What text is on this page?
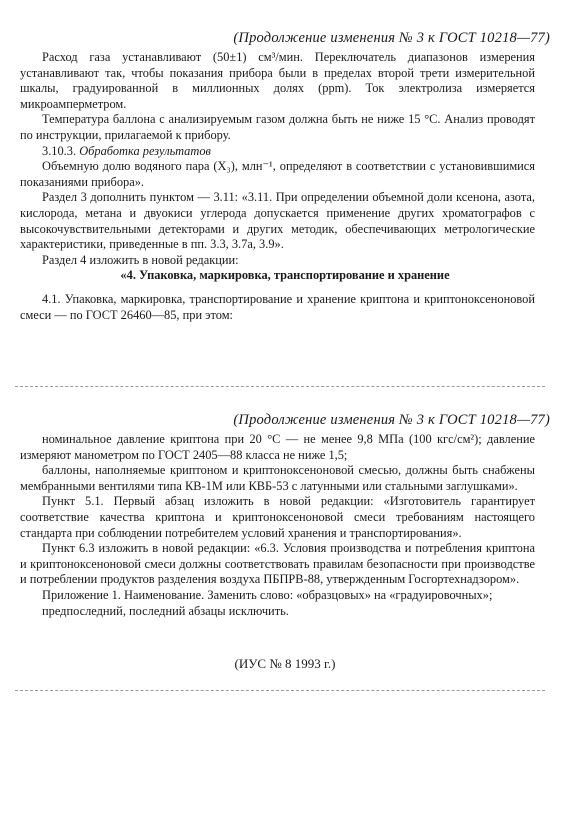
(Продолжение изменения № 3 к ГОСТ 10218—77)

Расход газа устанавливают (50±1) см³/мин. Переключатель диапазонов измерения устанавливают так, чтобы показания прибора были в пределах второй трети измерительной шкалы, градуированной в миллионных долях (ppm). Ток электролиза измеряется микроамперметром.

Температура баллона с анализируемым газом должна быть не ниже 15 °С. Анализ проводят по инструкции, прилагаемой к прибору.

3.10.3. Обработка результатов

Объемную долю водяного пара (X₃), млн⁻¹, определяют в соответствии с установившимися показаниями прибора».

Раздел 3 дополнить пунктом — 3.11: «3.11. При определении объемной доли ксенона, азота, кислорода, метана и двуокиси углерода допускается применение других хроматографов с высокочувствительными детекторами и других методик, обеспечивающих метрологические характеристики, приведенные в пп. 3.3, 3.7а, 3.9».

Раздел 4 изложить в новой редакции:

«4. Упаковка, маркировка, транспортирование и хранение

4.1. Упаковка, маркировка, транспортирование и хранение криптона и криптоноксеноновой смеси — по ГОСТ 26460—85, при этом:

(Продолжение изменения № 3 к ГОСТ 10218—77)

номинальное давление криптона при 20 °С — не менее 9,8 МПа (100 кгс/см²); давление измеряют манометром по ГОСТ 2405—88 класса не ниже 1,5;

баллоны, наполняемые криптоном и криптоноксеноновой смесью, должны быть снабжены мембранными вентилями типа КВ-1М или КВБ-53 с латунными или стальными заглушками».

Пункт 5.1. Первый абзац изложить в новой редакции: «Изготовитель гарантирует соответствие качества криптона и криптоноксеноновой смеси требованиям настоящего стандарта при соблюдении потребителем условий хранения и транспортирования».

Пункт 6.3 изложить в новой редакции: «6.3. Условия производства и потребления криптона и криптоноксеноновой смеси должны соответствовать правилам безопасности при производстве и потреблении продуктов разделения воздуха ПБПРВ-88, утвержденным Госгортехнадзором».

Приложение 1. Наименование. Заменить слово: «образцовых» на «градуировочных»;

предпоследний, последний абзацы исключить.

(ИУС № 8 1993 г.)
